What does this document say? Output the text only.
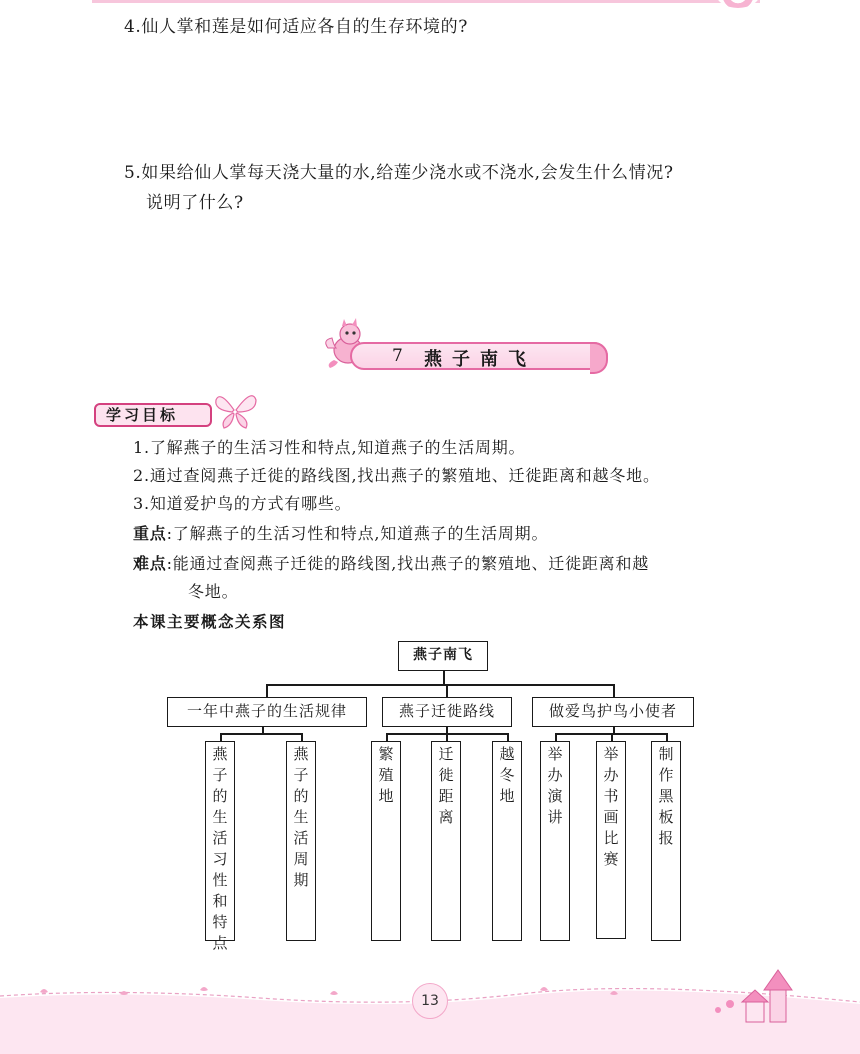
4.仙人掌和莲是如何适应各自的生存环境的?
5.如果给仙人掌每天浇大量的水,给莲少浇水或不浇水,会发生什么情况?
说明了什么?
7 燕子南飞
学习目标
1.了解燕子的生活习性和特点,知道燕子的生活周期。
2.通过查阅燕子迁徙的路线图,找出燕子的繁殖地、迁徙距离和越冬地。
3.知道爱护鸟的方式有哪些。
重点:了解燕子的生活习性和特点,知道燕子的生活周期。
难点:能通过查阅燕子迁徙的路线图,找出燕子的繁殖地、迁徙距离和越
冬地。
本课主要概念关系图
燕子南飞
一年中燕子的生活规律	燕子迁徙路线	做爱鸟护鸟小使者
燕子的生活习性和特点
燕子的生活周期
繁殖地
迁徙距离
越冬地
举办演讲
举办书画比赛
制作黑板报
13
